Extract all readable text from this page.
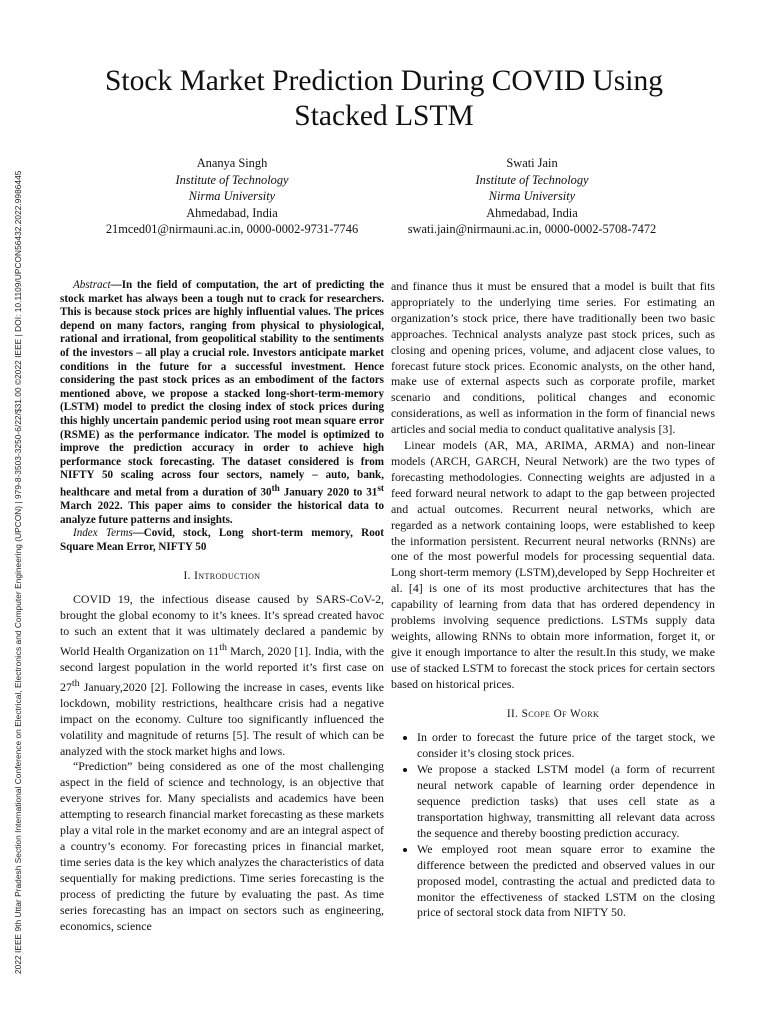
2022 IEEE 9th Uttar Pradesh Section International Conference on Electrical, Electronics and Computer Engineering (UPCON) | 979-8-3503-3250-6/22/$31.00 ©2022 IEEE | DOI: 10.1109/UPCON56432.2022.9986445
Stock Market Prediction During COVID Using Stacked LSTM
Ananya Singh
Institute of Technology
Nirma University
Ahmedabad, India
21mced01@nirmauni.ac.in, 0000-0002-9731-7746
Swati Jain
Institute of Technology
Nirma University
Ahmedabad, India
swati.jain@nirmauni.ac.in, 0000-0002-5708-7472

Abstract—In the field of computation, the art of predicting the stock market has always been a tough nut to crack for researchers. This is because stock prices are highly influential values. The prices depend on many factors, ranging from physical to physiological, rational and irrational, from geopolitical stability to the sentiments of the investors – all play a crucial role. Investors anticipate market conditions in the future for a successful investment. Hence considering the past stock prices as an embodiment of the factors mentioned above, we propose a stacked long-short-term-memory (LSTM) model to predict the closing index of stock prices during this highly uncertain pandemic period using root mean square error (RSME) as the performance indicator. The model is optimized to improve the prediction accuracy in order to achieve high performance stock forecasting. The dataset considered is from NIFTY 50 scaling across four sectors, namely – auto, bank, healthcare and metal from a duration of 30th January 2020 to 31st March 2022. This paper aims to consider the historical data to analyze future patterns and insights.

Index Terms—Covid, stock, Long short-term memory, Root Square Mean Error, NIFTY 50

I. Introduction

COVID 19, the infectious disease caused by SARS-CoV-2, brought the global economy to it’s knees. It’s spread created havoc to such an extent that it was ultimately declared a pandemic by World Health Organization on 11th March, 2020 [1]. India, with the second largest population in the world reported it’s first case on 27th January,2020 [2]. Following the increase in cases, events like lockdown, mobility restrictions, healthcare crisis had a negative impact on the economy. Culture too significantly influenced the volatility and magnitude of returns [5]. The result of which can be analyzed with the stock market highs and lows.

“Prediction” being considered as one of the most challenging aspect in the field of science and technology, is an objective that everyone strives for. Many specialists and academics have been attempting to research financial market forecasting as these markets play a vital role in the market economy and are an integral aspect of a country’s economy. For forecasting prices in financial market, time series data is the key which analyzes the characteristics of data sequentially for making predictions. Time series forecasting is the process of predicting the future by evaluating the past. As time series forecasting has an impact on sectors such as engineering, economics, science

and finance thus it must be ensured that a model is built that fits appropriately to the underlying time series. For estimating an organization’s stock price, there have traditionally been two basic approaches. Technical analysts analyze past stock prices, such as closing and opening prices, volume, and adjacent close values, to forecast future stock prices. Economic analysts, on the other hand, make use of external aspects such as corporate profile, market scenario and conditions, political changes and economic considerations, as well as information in the form of financial news articles and social media to conduct qualitative analysis [3].

Linear models (AR, MA, ARIMA, ARMA) and non-linear models (ARCH, GARCH, Neural Network) are the two types of forecasting methodologies. Connecting weights are adjusted in a feed forward neural network to adapt to the gap between projected and actual outcomes. Recurrent neural networks, which are regarded as a network containing loops, were established to keep the information persistent. Recurrent neural networks (RNNs) are one of the most powerful models for processing sequential data. Long short-term memory (LSTM),developed by Sepp Hochreiter et al. [4] is one of its most productive architectures that has the capability of learning from data that has ordered dependency in problems involving sequence predictions. LSTMs supply data weights, allowing RNNs to obtain more information, forget it, or give it enough importance to alter the result.In this study, we make use of stacked LSTM to forecast the stock prices for certain sectors based on historical prices.

II. Scope Of Work

• In order to forecast the future price of the target stock, we consider it’s closing stock prices.
• We propose a stacked LSTM model (a form of recurrent neural network capable of learning order dependence in sequence prediction tasks) that uses cell state as a transportation highway, transmitting all relevant data across the sequence and thereby boosting prediction accuracy.
• We employed root mean square error to examine the difference between the predicted and observed values in our proposed model, contrasting the actual and predicted data to monitor the effectiveness of stacked LSTM on the closing price of sectoral stock data from NIFTY 50.
